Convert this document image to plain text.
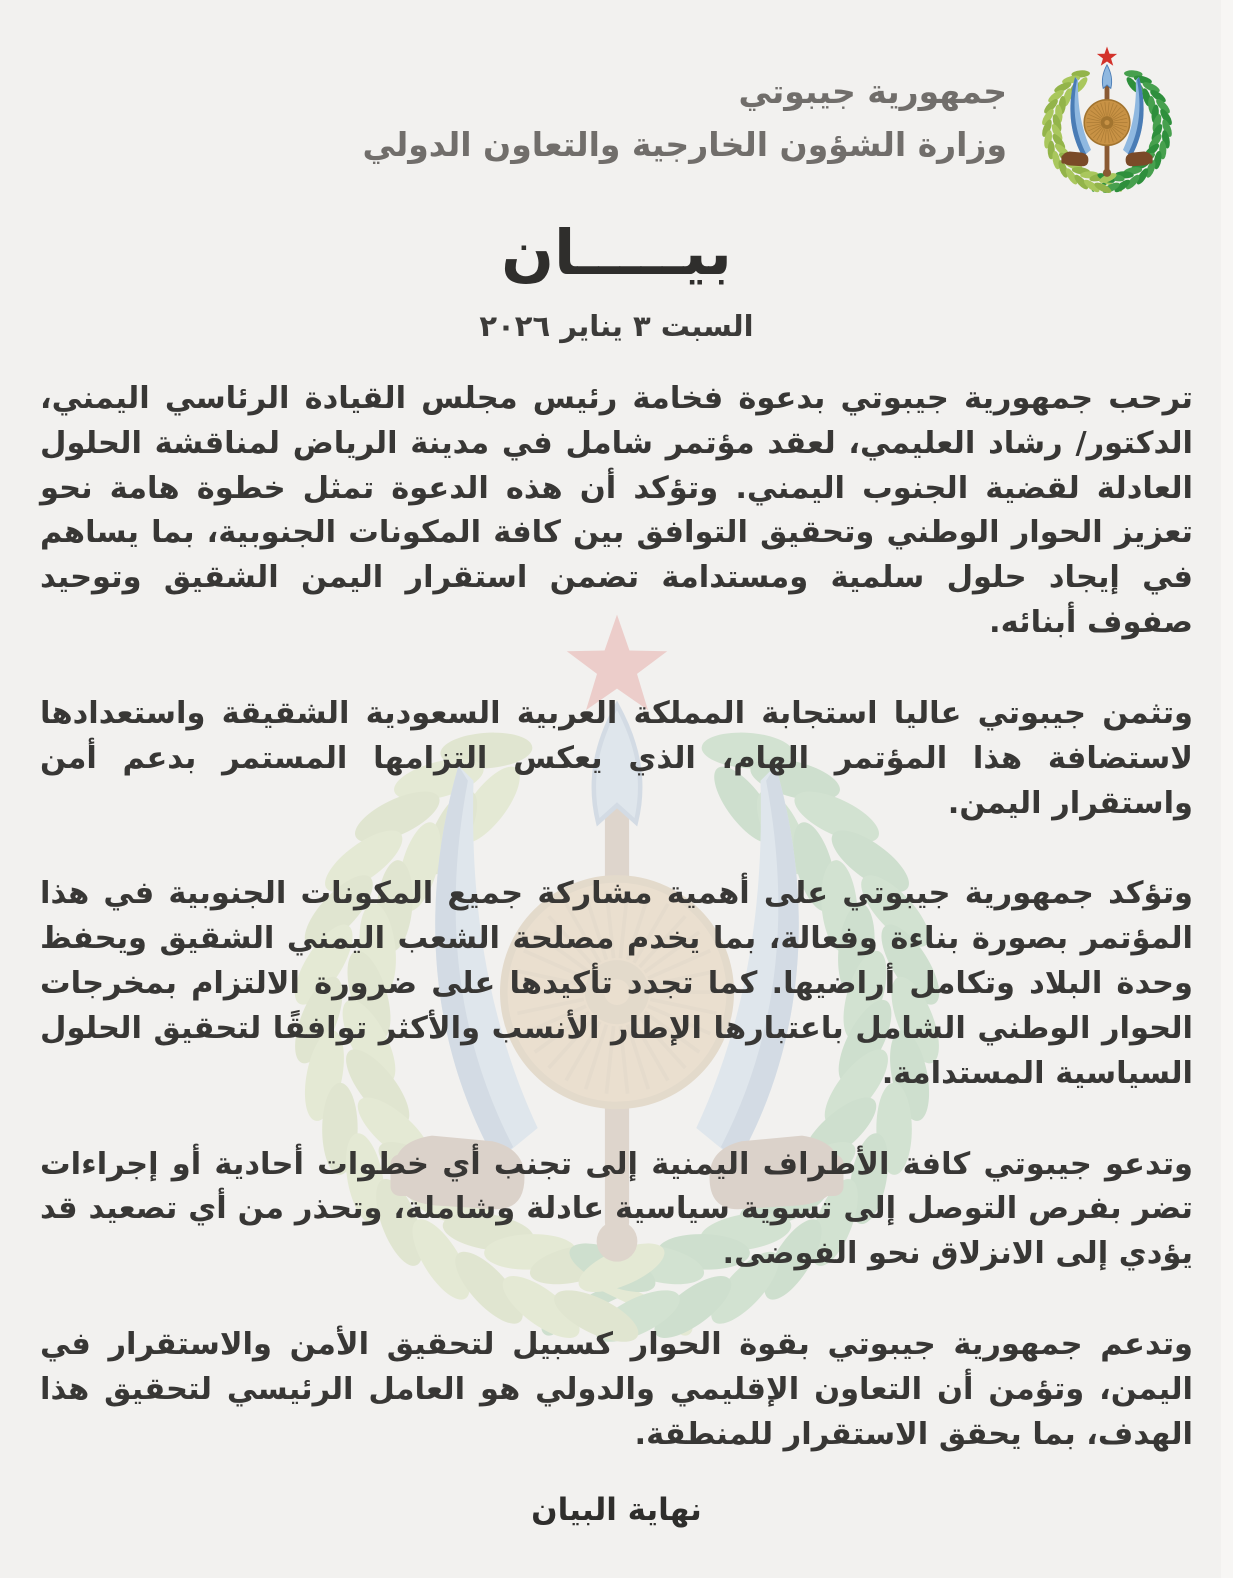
جمهورية جيبوتي
وزارة الشؤون الخارجية والتعاون الدولي
بيـــــان
السبت ٣ يناير ٢٠٢٦

ترحب جمهورية جيبوتي بدعوة فخامة رئيس مجلس القيادة الرئاسي اليمني، الدكتور/ رشاد العليمي، لعقد مؤتمر شامل في مدينة الرياض لمناقشة الحلول العادلة لقضية الجنوب اليمني. وتؤكد أن هذه الدعوة تمثل خطوة هامة نحو تعزيز الحوار الوطني وتحقيق التوافق بين كافة المكونات الجنوبية، بما يساهم في إيجاد حلول سلمية ومستدامة تضمن استقرار اليمن الشقيق وتوحيد صفوف أبنائه.

وتثمن جيبوتي عاليا استجابة المملكة العربية السعودية الشقيقة واستعدادها لاستضافة هذا المؤتمر الهام، الذي يعكس التزامها المستمر بدعم أمن واستقرار اليمن.

وتؤكد جمهورية جيبوتي على أهمية مشاركة جميع المكونات الجنوبية في هذا المؤتمر بصورة بناءة وفعالة، بما يخدم مصلحة الشعب اليمني الشقيق ويحفظ وحدة البلاد وتكامل أراضيها. كما تجدد تأكيدها على ضرورة الالتزام بمخرجات الحوار الوطني الشامل باعتبارها الإطار الأنسب والأكثر توافقًا لتحقيق الحلول السياسية المستدامة.

وتدعو جيبوتي كافة الأطراف اليمنية إلى تجنب أي خطوات أحادية أو إجراءات تضر بفرص التوصل إلى تسوية سياسية عادلة وشاملة، وتحذر من أي تصعيد قد يؤدي إلى الانزلاق نحو الفوضى.

وتدعم جمهورية جيبوتي بقوة الحوار كسبيل لتحقيق الأمن والاستقرار في اليمن، وتؤمن أن التعاون الإقليمي والدولي هو العامل الرئيسي لتحقيق هذا الهدف، بما يحقق الاستقرار للمنطقة.

نهاية البيان
